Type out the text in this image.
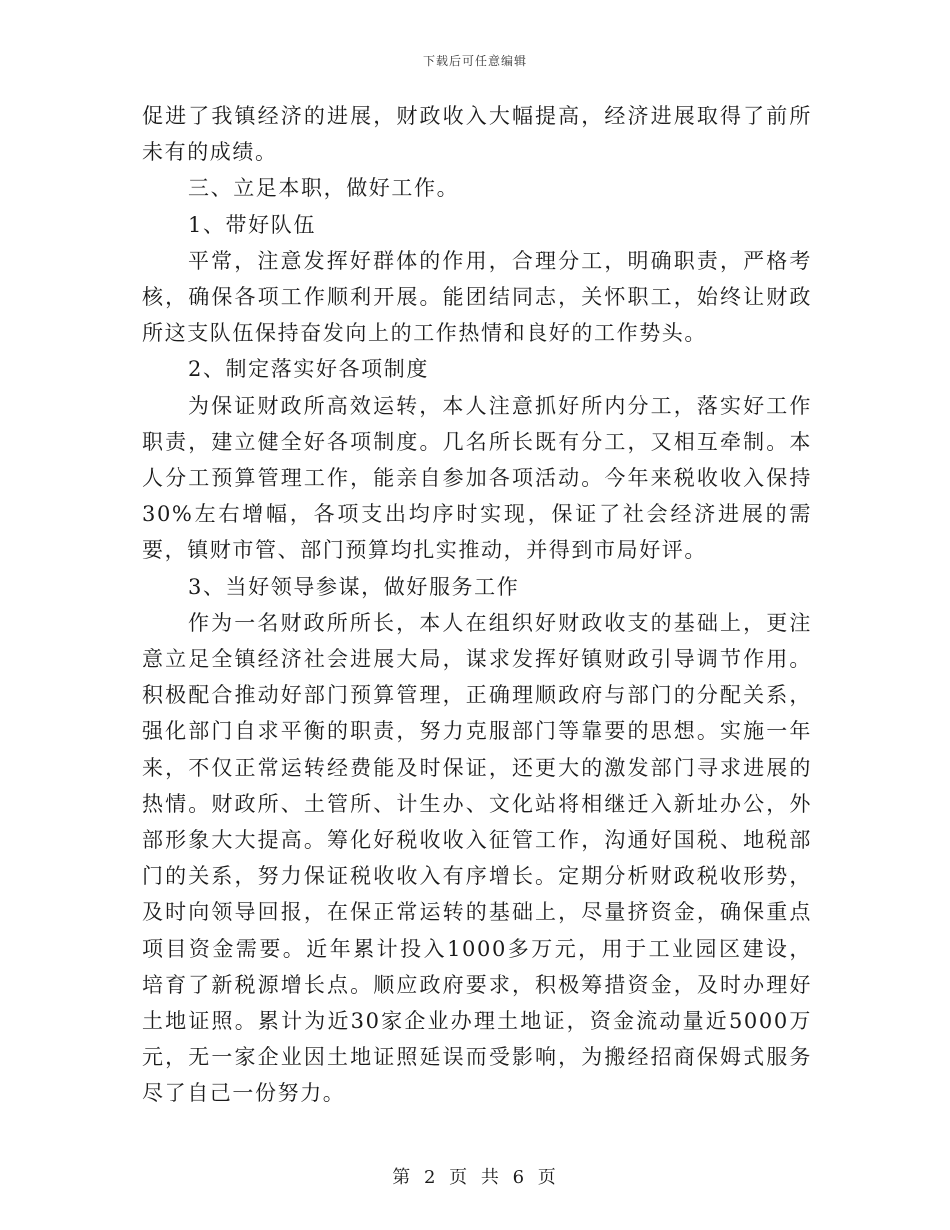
下载后可任意编辑

促进了我镇经济的进展，财政收入大幅提高，经济进展取得了前所未有的成绩。

三、立足本职，做好工作。

1、带好队伍

平常，注意发挥好群体的作用，合理分工，明确职责，严格考核，确保各项工作顺利开展。能团结同志，关怀职工，始终让财政所这支队伍保持奋发向上的工作热情和良好的工作势头。

2、制定落实好各项制度

为保证财政所高效运转，本人注意抓好所内分工，落实好工作职责，建立健全好各项制度。几名所长既有分工，又相互牵制。本人分工预算管理工作，能亲自参加各项活动。今年来税收收入保持30%左右增幅，各项支出均序时实现，保证了社会经济进展的需要，镇财市管、部门预算均扎实推动，并得到市局好评。

3、当好领导参谋，做好服务工作

作为一名财政所所长，本人在组织好财政收支的基础上，更注意立足全镇经济社会进展大局，谋求发挥好镇财政引导调节作用。积极配合推动好部门预算管理，正确理顺政府与部门的分配关系，强化部门自求平衡的职责，努力克服部门等靠要的思想。实施一年来，不仅正常运转经费能及时保证，还更大的激发部门寻求进展的热情。财政所、土管所、计生办、文化站将相继迁入新址办公，外部形象大大提高。筹化好税收收入征管工作，沟通好国税、地税部门的关系，努力保证税收收入有序增长。定期分析财政税收形势，及时向领导回报，在保正常运转的基础上，尽量挤资金，确保重点项目资金需要。近年累计投入1000多万元，用于工业园区建设，培育了新税源增长点。顺应政府要求，积极筹措资金，及时办理好土地证照。累计为近30家企业办理土地证，资金流动量近5000万元，无一家企业因土地证照延误而受影响，为搬经招商保姆式服务尽了自己一份努力。

第 2 页 共 6 页
